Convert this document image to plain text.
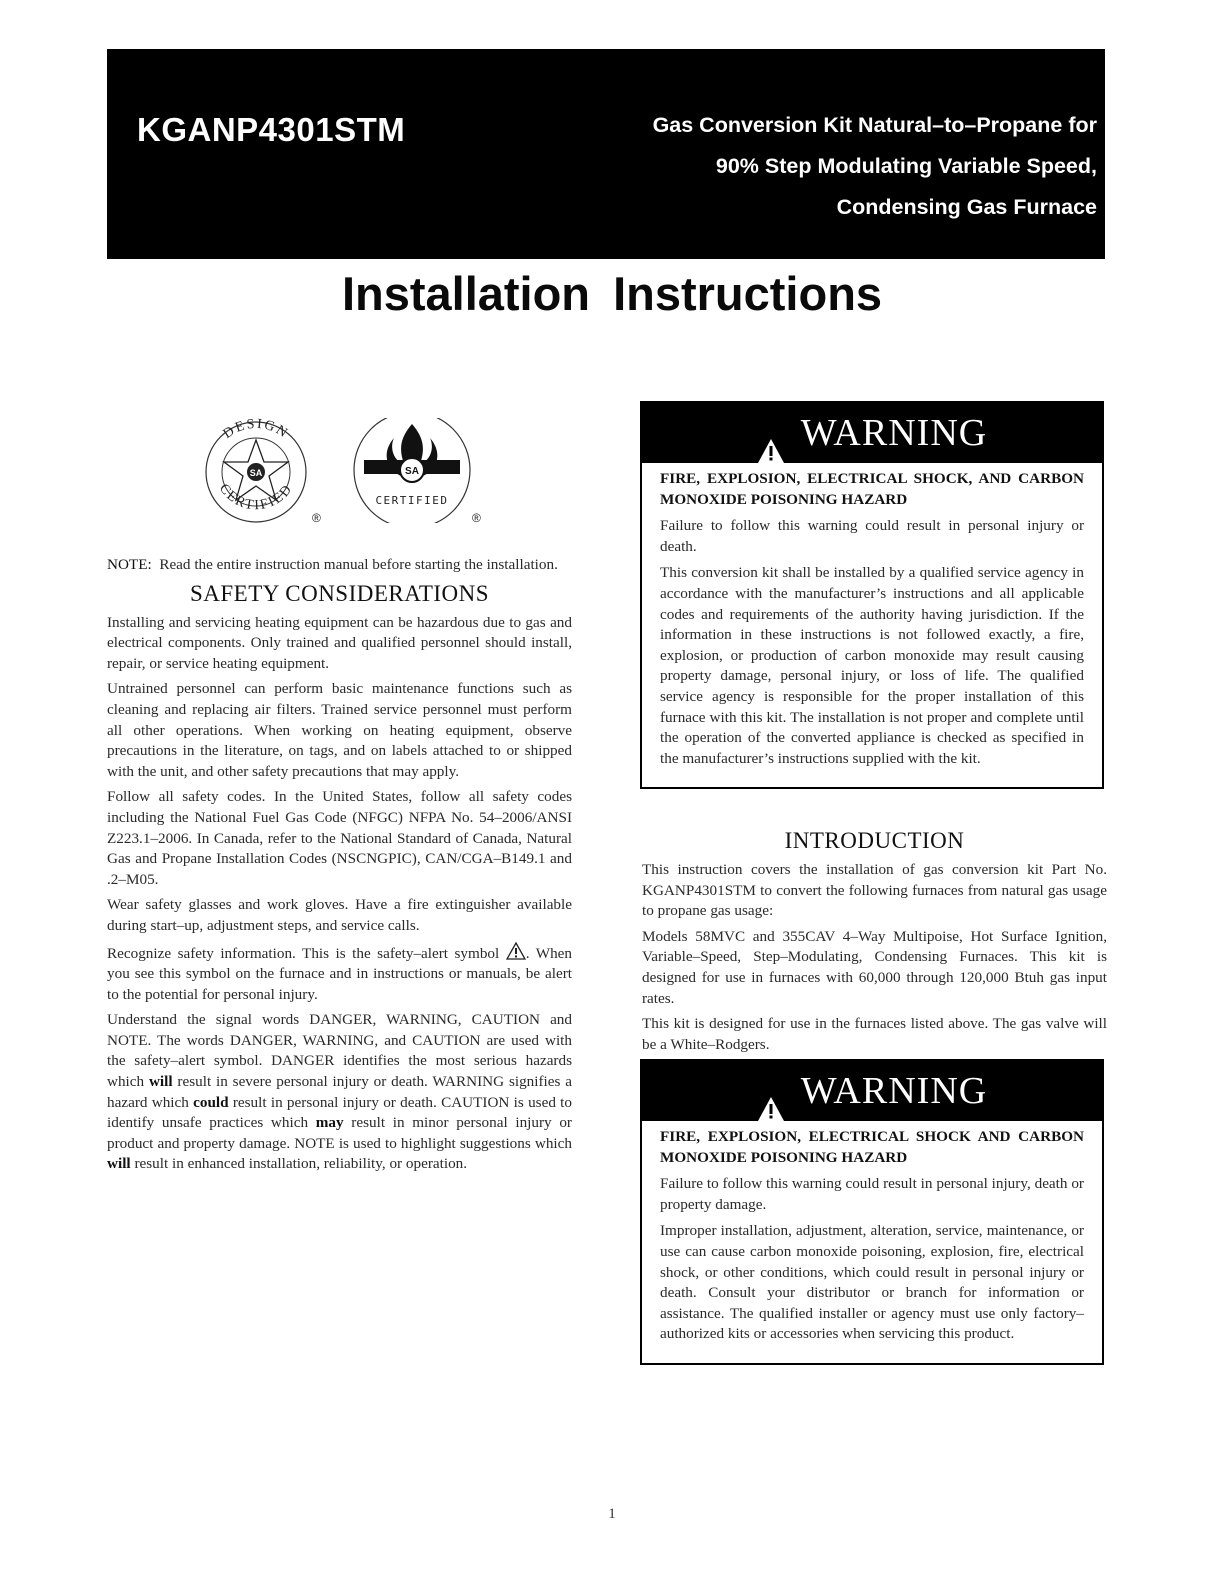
KGANP4301STM	Gas Conversion Kit Natural–to–Propane for
90% Step Modulating Variable Speed,
Condensing Gas Furnace
Installation Instructions
SA
DESIGN
CERTIFIED
®
SA
CERTIFIED
®

NOTE: Read the entire instruction manual before starting the installation.

SAFETY CONSIDERATIONS

Installing and servicing heating equipment can be hazardous due to gas and electrical components. Only trained and qualified personnel should install, repair, or service heating equipment.

Untrained personnel can perform basic maintenance functions such as cleaning and replacing air filters. Trained service personnel must perform all other operations. When working on heating equipment, observe precautions in the literature, on tags, and on labels attached to or shipped with the unit, and other safety precautions that may apply.

Follow all safety codes. In the United States, follow all safety codes including the National Fuel Gas Code (NFGC) NFPA No. 54–2006/ANSI Z223.1–2006. In Canada, refer to the National Standard of Canada, Natural Gas and Propane Installation Codes (NSCNGPIC), CAN/CGA–B149.1 and .2–M05.

Wear safety glasses and work gloves. Have a fire extinguisher available during start–up, adjustment steps, and service calls.

Recognize safety information. This is the safety–alert symbol . When you see this symbol on the furnace and in instructions or manuals, be alert to the potential for personal injury.

Understand the signal words DANGER, WARNING, CAUTION and NOTE. The words DANGER, WARNING, and CAUTION are used with the safety–alert symbol. DANGER identifies the most serious hazards which will result in severe personal injury or death. WARNING signifies a hazard which could result in personal injury or death. CAUTION is used to identify unsafe practices which may result in minor personal injury or product and property damage. NOTE is used to highlight suggestions which will result in enhanced installation, reliability, or operation.

WARNING
FIRE, EXPLOSION, ELECTRICAL SHOCK, AND CARBON MONOXIDE POISONING HAZARD

Failure to follow this warning could result in personal injury or death.

This conversion kit shall be installed by a qualified service agency in accordance with the manufacturer’s instructions and all applicable codes and requirements of the authority having jurisdiction. If the information in these instructions is not followed exactly, a fire, explosion, or production of carbon monoxide may result causing property damage, personal injury, or loss of life. The qualified service agency is responsible for the proper installation of this furnace with this kit. The installation is not proper and complete until the operation of the converted appliance is checked as specified in the manufacturer’s instructions supplied with the kit.

INTRODUCTION

This instruction covers the installation of gas conversion kit Part No. KGANP4301STM to convert the following furnaces from natural gas usage to propane gas usage:

Models 58MVC and 355CAV 4–Way Multipoise, Hot Surface Ignition, Variable–Speed, Step–Modulating, Condensing Furnaces. This kit is designed for use in furnaces with 60,000 through 120,000 Btuh gas input rates.

This kit is designed for use in the furnaces listed above. The gas valve will be a White–Rodgers.

WARNING
FIRE, EXPLOSION, ELECTRICAL SHOCK AND CARBON MONOXIDE POISONING HAZARD

Failure to follow this warning could result in personal injury, death or property damage.

Improper installation, adjustment, alteration, service, maintenance, or use can cause carbon monoxide poisoning, explosion, fire, electrical shock, or other conditions, which could result in personal injury or death. Consult your distributor or branch for information or assistance. The qualified installer or agency must use only factory–authorized kits or accessories when servicing this product.

1
